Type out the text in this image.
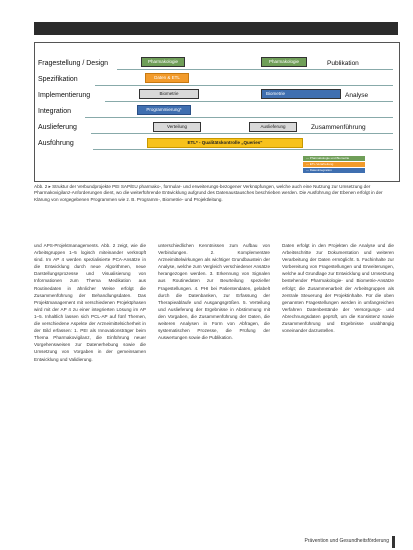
Fragestellung / Design
Spezifikation
Implementierung
Integration
Auslieferung
Ausführung
Pharmakologie
Daten & ETL
Biometrie
Programmierung*
Verteilung
ETL* - Qualitätskontrolle „Queries“
Pharmakologie
Biometrie
Auslieferung
Publikation
Analyse
Zusammenführung
— Pharmakologie und Biometrie
— ETL-Verarbeitung
— Datenintegration
Abb. 2 ▸ Struktur der Verbundprojekte PEI SAP/EU pharmako-, formular- und erweiterungs-bezogener Verknüpfungen, welche auch eine Nutzung zur Umsetzung der Pharmakovigilanz-Anforderungen dient, wo die weiterführende Entwicklung aufgrund des Datenaustausches beschrieben werden. Die Ausführung der Ebenen erfolgt in der Klärung von vorgegebenen Programmen wie z. B. Programm-, Biometrie- und Projektleitung.

und APS-Projektmanagements. Abb. 2 zeigt, wie die Arbeitsgruppen 1–5 logisch miteinander verknüpft sind. Im AP 4 werden spezialisierte PCA-Ansätze in die Entwicklung durch neue Algorithmen, neue Darstellungsprozesse und Visualisierung von Informationen zum Thema Medikation aus Routinedaten in ähnlicher Weise erfolgt die Zusammenführung der Behandlungsdaten. Das Projektmanagement mit verschiedenen Projektphasen wird mit der AP 4 zu einer integrierten Lösung im AP 1–5. Inhaltlich lassen sich PCL-AP auf fünf Themen, die verschiedene Aspekte der Arzneimittelsicherheit in der Bild erfassen: 1. PEI als Innovationsträger beim Thema Pharmakovigilanz, die Einführung neuer Vorgehensweisen zur Datenerhebung sowie die Umsetzung von Vorgaben in der gemeinsamen Entwicklung und Validierung.

unterschiedlichen Kenntnissen zum Aufbau von Verbindungen. 2. Komplementäre Arzneimittelwirkungen als wichtiger Grundbaustein der Analyse, welche zum Vergleich verschiedener Ansätze herangezogen werden. 3. Erkennung von Signalen aus Routinedaten zur Beurteilung spezieller Fragestellungen. 4. PHI bei Patientendaten, gelabelt durch die Datenbanken, zur Erfassung der Therapieabläufe und Ausgangsgrößen. 5. Verteilung und Auslieferung der Ergebnisse in Abstimmung mit den Vorgaben, die Zusammenführung der Daten, die weiteren Analysen in Form von Abfragen, die systematischen Prozesse, die Prüfung der Auswertungen sowie die Publikation.

Daten erfolgt in den Projekten die Analyse und die Arbeitsschritte zur Dokumentation und weiteren Verarbeitung der Daten ermöglicht. 5. Fachinhalte zur Vorbereitung von Fragestellungen und Erweiterungen, welche auf Grundlage zur Entwicklung und Umsetzung bestehender Pharmakologie- und Biometrie-Ansätze erfolgt; die Zusammenarbeit der Arbeitsgruppen als zentrale Steuerung der Projektinhalte. Für die oben genannten Fragestellungen werden in umfangreichen Verfahren Datenbestände der Versorgungs- und Abrechnungsdaten geprüft, um die Konsistenz sowie Zusammenführung und Ergebnisse unabhängig voneinander darzustellen.

Prävention und Gesundheitsförderung
